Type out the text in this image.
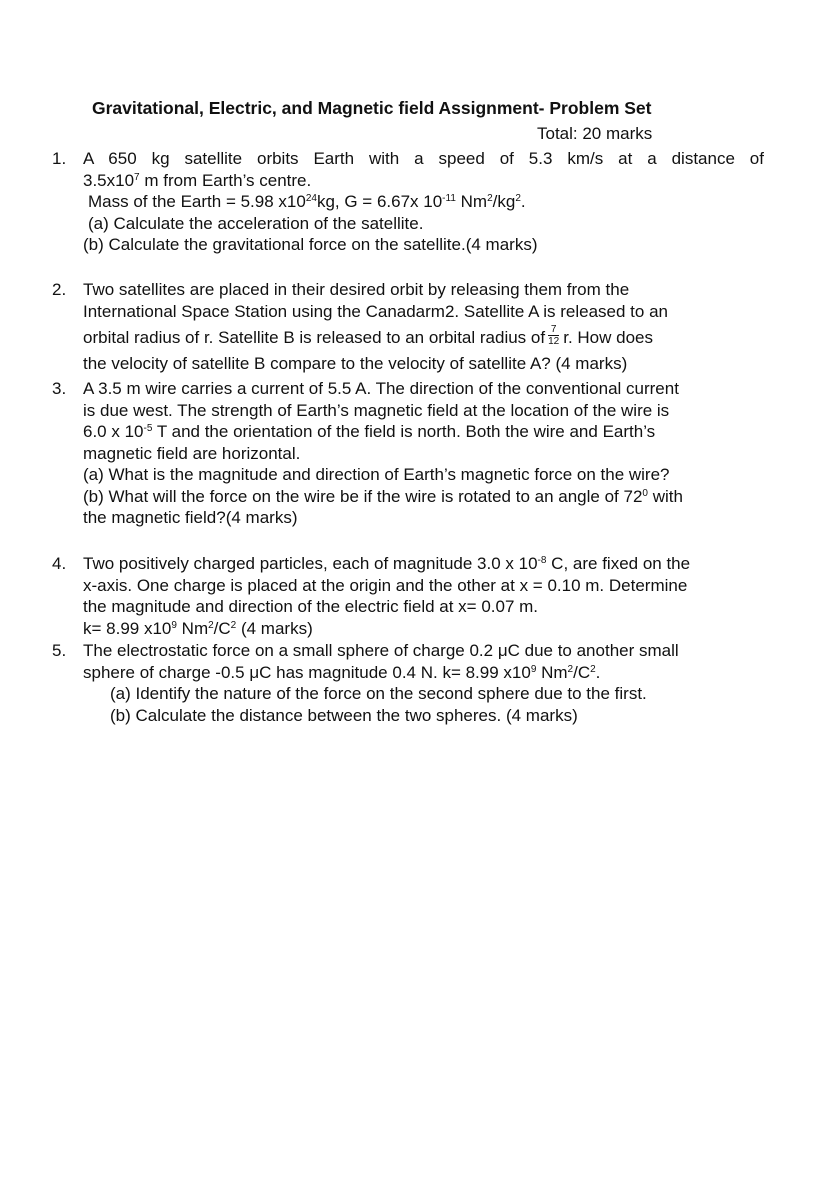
Gravitational, Electric, and Magnetic field Assignment- Problem Set
Total: 20 marks
1. A 650 kg satellite orbits Earth with a speed of 5.3 km/s at a distance of
$3.5x10^7$ m from Earth’s centre.
Mass of the Earth = 5.98 $x10^{24}kg$, G = 6.67x $10^{-11}$ $Nm^2/kg^2$.
(a) Calculate the acceleration of the satellite.
(b) Calculate the gravitational force on the satellite.(4 marks)
2. Two satellites are placed in their desired orbit by releasing them from the
International Space Station using the Canadarm2. Satellite A is released to an
orbital radius of r. Satellite B is released to an orbital radius of $\frac{7}{12} r$. How does
the velocity of satellite B compare to the velocity of satellite A? (4 marks)
3. A 3.5 m wire carries a current of 5.5 A. The direction of the conventional current
is due west. The strength of Earth’s magnetic field at the location of the wire is
6.0 x $10^{-5}$ T and the orientation of the field is north. Both the wire and Earth’s
magnetic field are horizontal.
(a) What is the magnitude and direction of Earth’s magnetic force on the wire?
(b) What will the force on the wire be if the wire is rotated to an angle of $72^0$ with
the magnetic field?(4 marks)
4. Two positively charged particles, each of magnitude 3.0 x $10^{-8}$ C, are fixed on the
x-axis. One charge is placed at the origin and the other at x = 0.10 m. Determine
the magnitude and direction of the electric field at x= 0.07 m.
k= 8.99 $x10^9$ $Nm^2/C^2$ (4 marks)
5. The electrostatic force on a small sphere of charge 0.2 μC due to another small
sphere of charge -0.5 μC has magnitude 0.4 N. k= 8.99 $x10^9$ $Nm^2/C^2$.
(a) Identify the nature of the force on the second sphere due to the first.
(b) Calculate the distance between the two spheres. (4 marks)
